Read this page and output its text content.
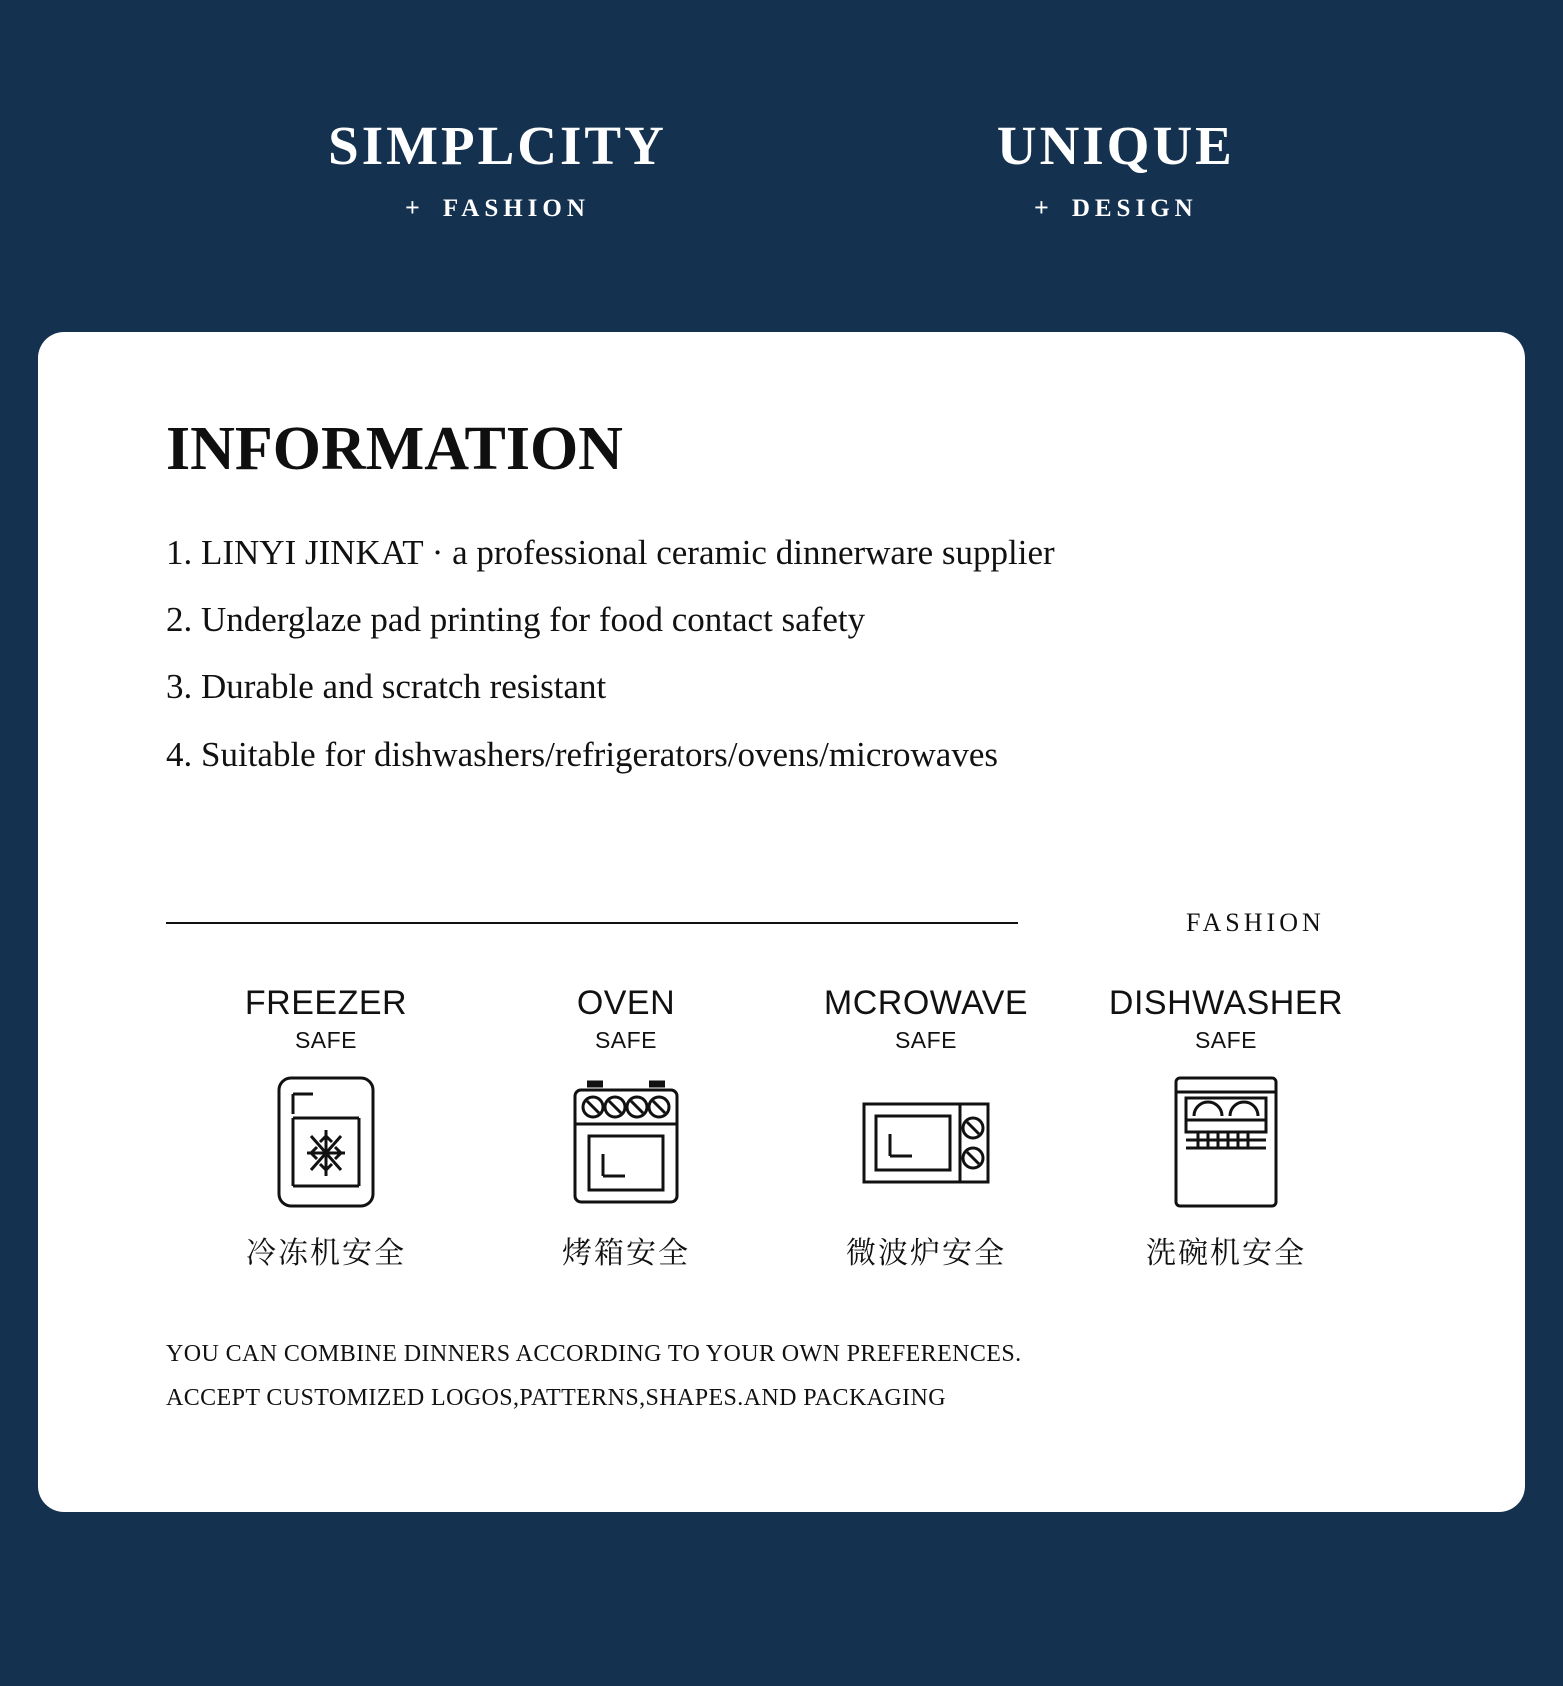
SIMPLCITY
+ FASHION
UNIQUE
+ DESIGN
INFORMATION
1. LINYI JINKAT · a professional ceramic dinnerware supplier
2. Underglaze pad printing for food contact safety
3. Durable and scratch resistant
4. Suitable for dishwashers/refrigerators/ovens/microwaves
FASHION
FREEZER
SAFE
冷冻机安全
OVEN
SAFE
烤箱安全
MCROWAVE
SAFE
微波炉安全
DISHWASHER
SAFE
洗碗机安全
YOU CAN COMBINE DINNERS ACCORDING TO YOUR OWN PREFERENCES.
ACCEPT CUSTOMIZED LOGOS,PATTERNS,SHAPES.AND PACKAGING
